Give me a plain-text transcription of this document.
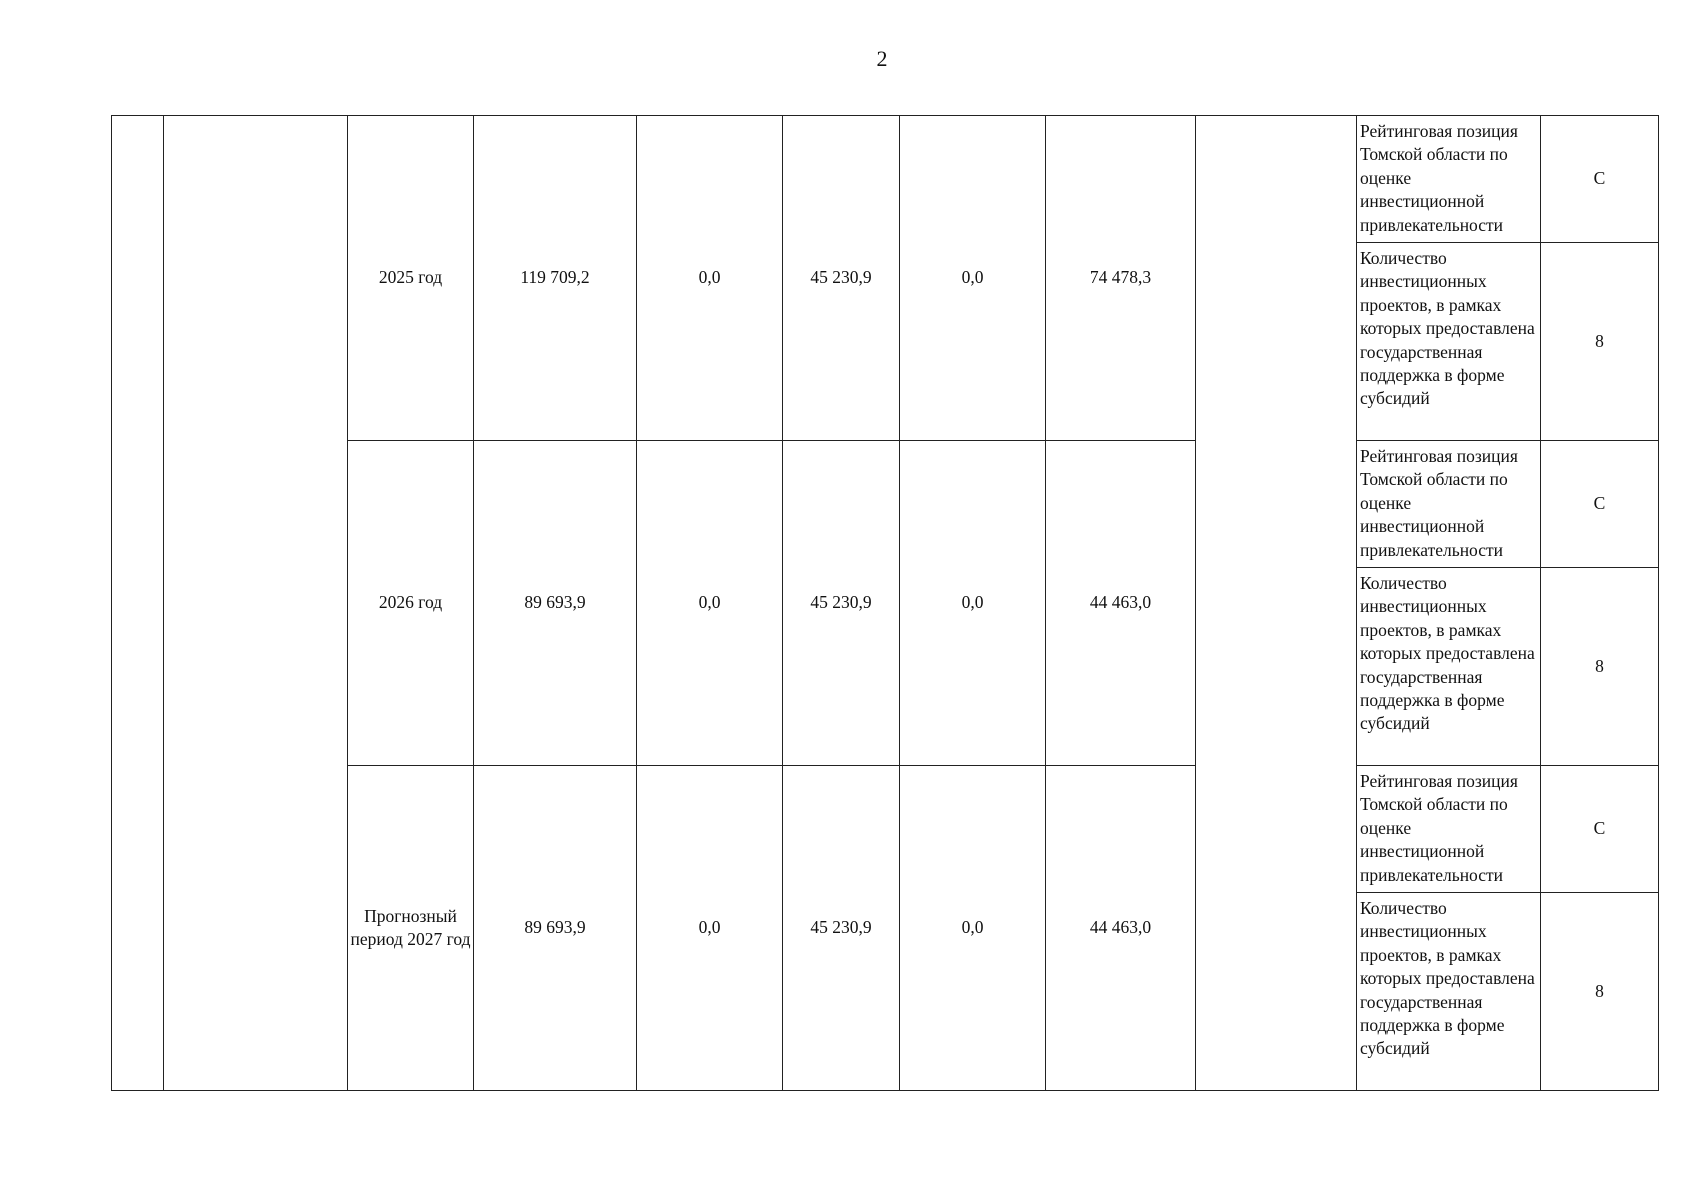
2
		2025 год	119 709,2	0,0	45 230,9	0,0	74 478,3		Рейтинговая позиция Томской области по оценке инвестиционной привлекательности	С
									Количество инвестиционных проектов, в рамках которых предоставлена государственная поддержка в форме субсидий	8
		2026 год	89 693,9	0,0	45 230,9	0,0	44 463,0		Рейтинговая позиция Томской области по оценке инвестиционной привлекательности	С
									Количество инвестиционных проектов, в рамках которых предоставлена государственная поддержка в форме субсидий	8
		Прогнозный период 2027 год	89 693,9	0,0	45 230,9	0,0	44 463,0		Рейтинговая позиция Томской области по оценке инвестиционной привлекательности	С
									Количество инвестиционных проектов, в рамках которых предоставлена государственная поддержка в форме субсидий	8
